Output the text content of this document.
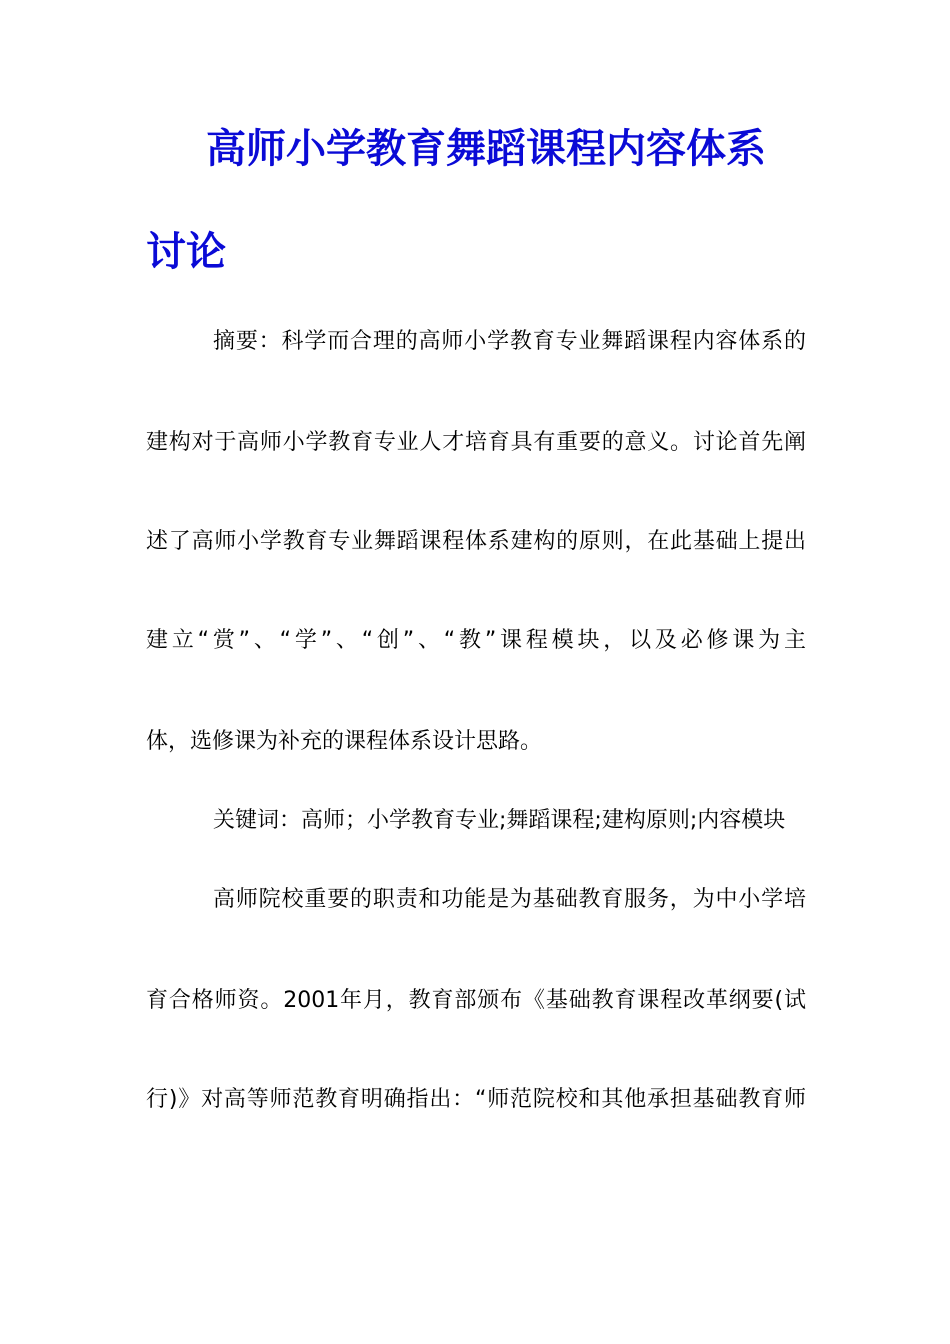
高师小学教育舞蹈课程内容体系
讨论
摘要：科学而合理的高师小学教育专业舞蹈课程内容体系的
建构对于高师小学教育专业人才培育具有重要的意义。讨论首先阐
述了高师小学教育专业舞蹈课程体系建构的原则，在此基础上提出
建立“赏”、“学”、“创”、“教”课程模块，以及必修课为主
体，选修课为补充的课程体系设计思路。
关键词：高师；小学教育专业;舞蹈课程;建构原则;内容模块
高师院校重要的职责和功能是为基础教育服务，为中小学培
育合格师资。2001年月，教育部颁布《基础教育课程改革纲要(试
行)》对高等师范教育明确指出：“师范院校和其他承担基础教育师
